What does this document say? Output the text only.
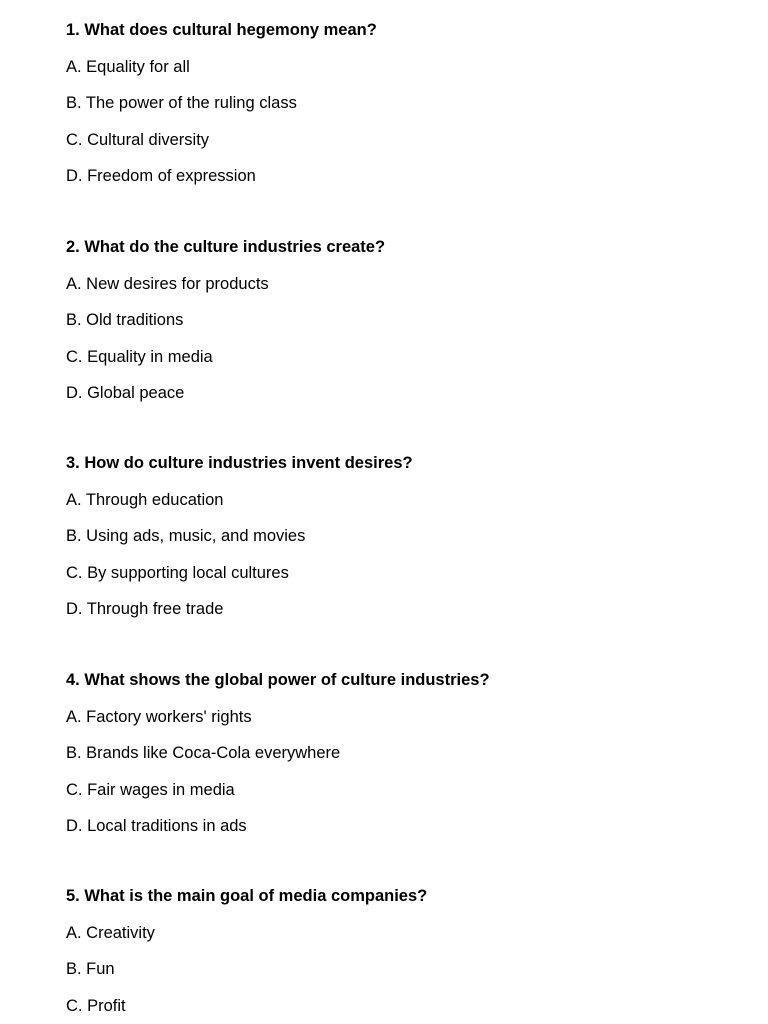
1. What does cultural hegemony mean?
A. Equality for all
B. The power of the ruling class
C. Cultural diversity
D. Freedom of expression
2. What do the culture industries create?
A. New desires for products
B. Old traditions
C. Equality in media
D. Global peace
3. How do culture industries invent desires?
A. Through education
B. Using ads, music, and movies
C. By supporting local cultures
D. Through free trade
4. What shows the global power of culture industries?
A. Factory workers' rights
B. Brands like Coca-Cola everywhere
C. Fair wages in media
D. Local traditions in ads
5. What is the main goal of media companies?
A. Creativity
B. Fun
C. Profit
